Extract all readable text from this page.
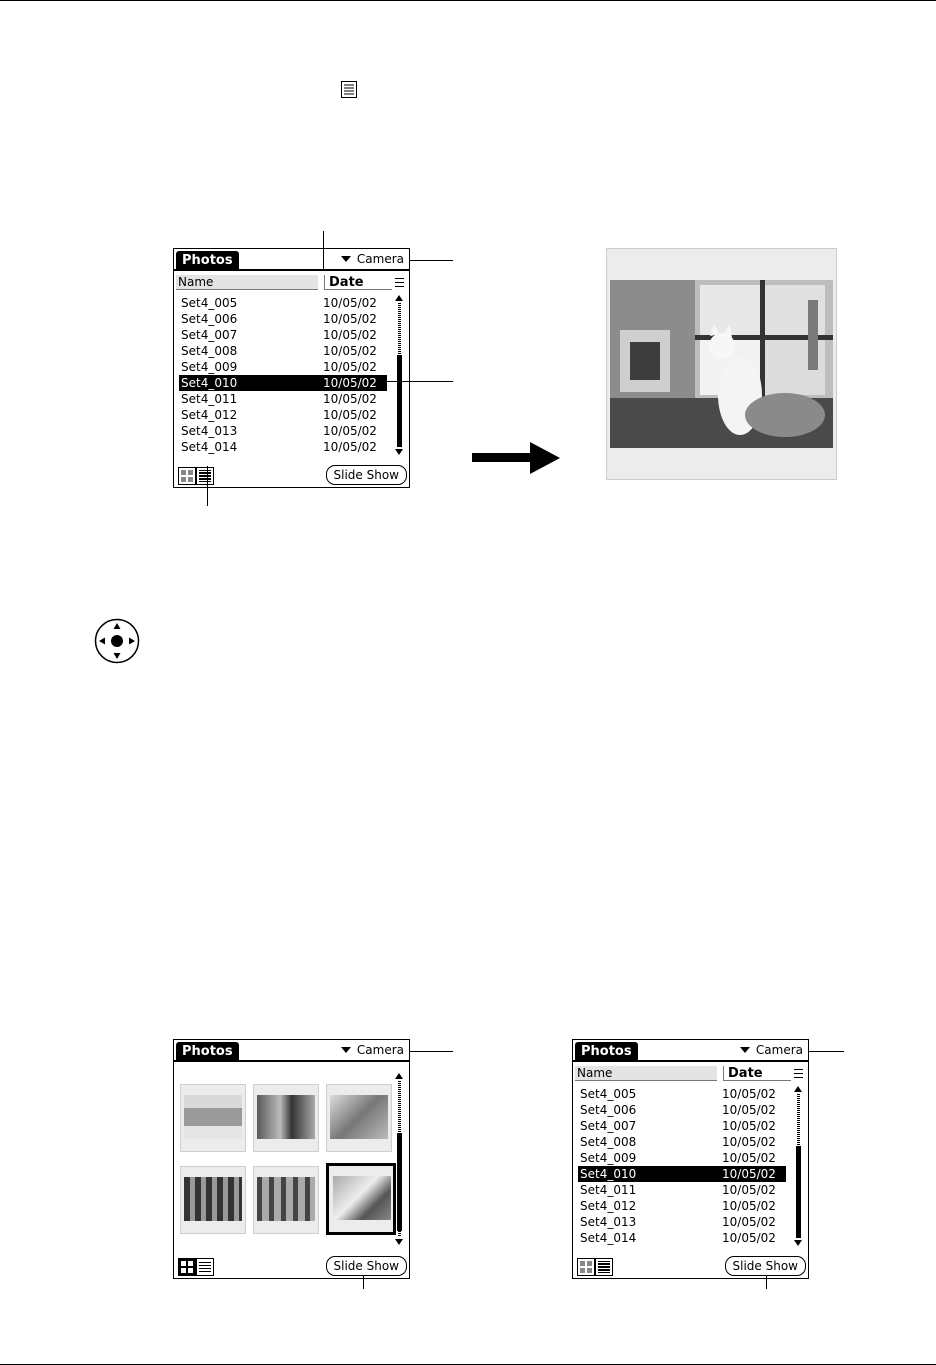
Photos	Camera
Name	Date
Set4_005	10/05/02
Set4_006	10/05/02
Set4_007	10/05/02
Set4_008	10/05/02
Set4_009	10/05/02
Set4_010	10/05/02
Set4_011	10/05/02
Set4_012	10/05/02
Set4_013	10/05/02
Set4_014	10/05/02
Slide Show
Photos	Camera
Slide Show
Photos	Camera
Name	Date
Set4_005	10/05/02
Set4_006	10/05/02
Set4_007	10/05/02
Set4_008	10/05/02
Set4_009	10/05/02
Set4_010	10/05/02
Set4_011	10/05/02
Set4_012	10/05/02
Set4_013	10/05/02
Set4_014	10/05/02
Slide Show
